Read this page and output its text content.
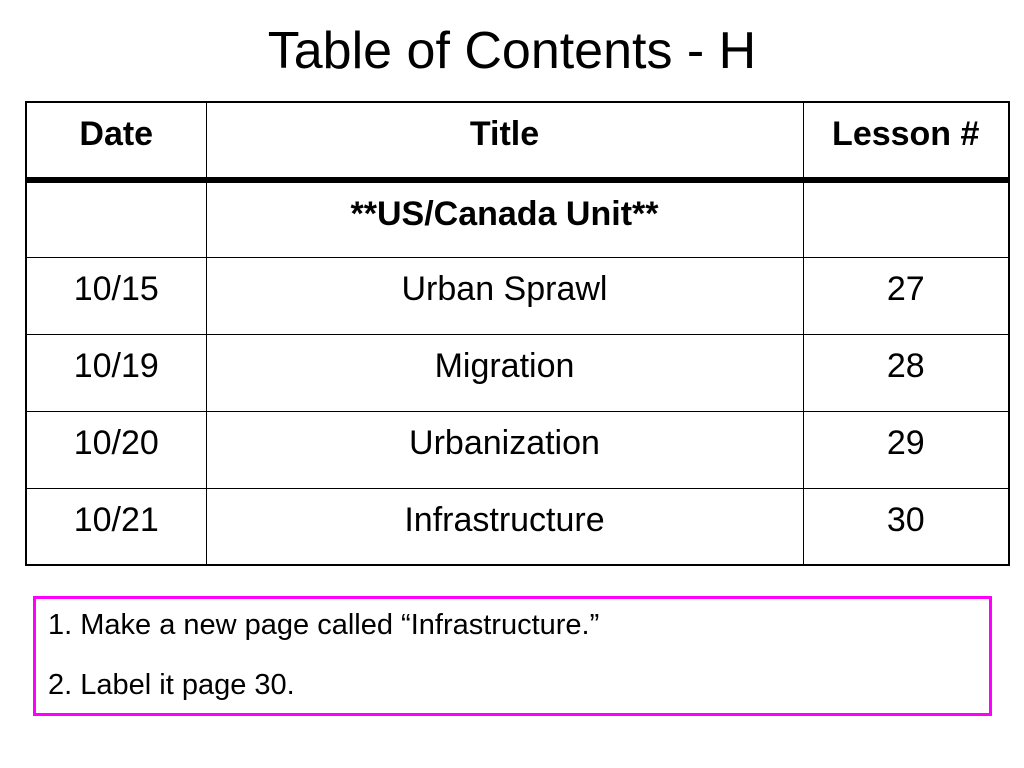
Table of Contents - H
Date	Title	Lesson #
	**US/Canada Unit**	
10/15	Urban Sprawl	27
10/19	Migration	28
10/20	Urbanization	29
10/21	Infrastructure	30

1. Make a new page called “Infrastructure.”

2. Label it page 30.
